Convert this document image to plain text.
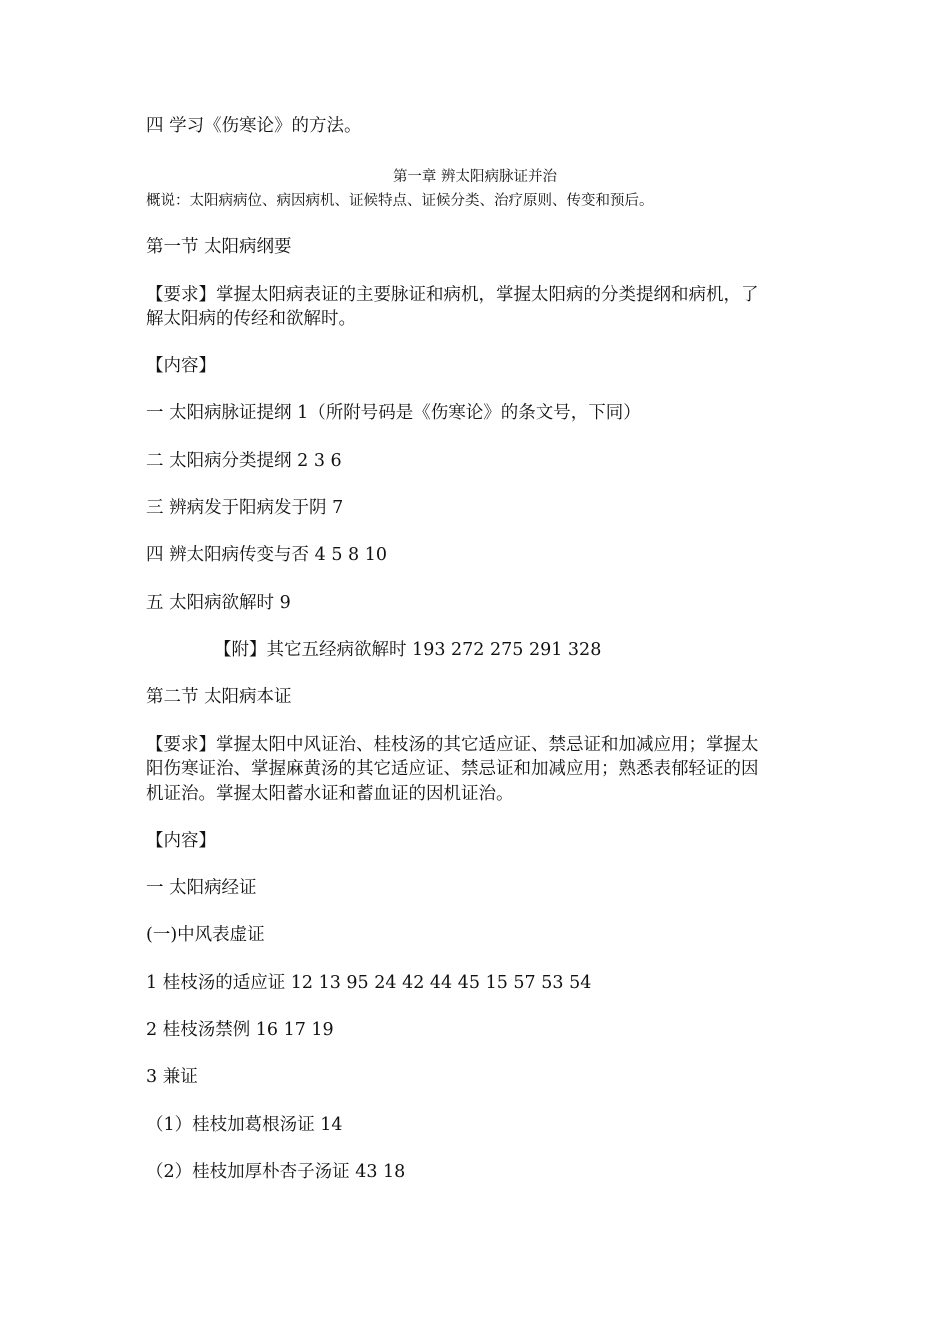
四 学习《伤寒论》的方法。
第一章 辨太阳病脉证并治
概说：太阳病病位、病因病机、证候特点、证候分类、治疗原则、传变和预后。
第一节 太阳病纲要
【要求】掌握太阳病表证的主要脉证和病机，掌握太阳病的分类提纲和病机，了
解太阳病的传经和欲解时。
【内容】
一 太阳病脉证提纲 1（所附号码是《伤寒论》的条文号，下同）
二 太阳病分类提纲 2 3 6
三 辨病发于阳病发于阴 7
四 辨太阳病传变与否 4 5 8 10
五 太阳病欲解时 9
【附】其它五经病欲解时 193 272 275 291 328
第二节 太阳病本证
【要求】掌握太阳中风证治、桂枝汤的其它适应证、禁忌证和加减应用；掌握太
阳伤寒证治、掌握麻黄汤的其它适应证、禁忌证和加减应用；熟悉表郁轻证的因
机证治。掌握太阳蓄水证和蓄血证的因机证治。
【内容】
一 太阳病经证
(一)中风表虚证
1 桂枝汤的适应证 12 13 95 24 42 44 45 15 57 53 54
2 桂枝汤禁例 16 17 19
3 兼证
（1）桂枝加葛根汤证 14
（2）桂枝加厚朴杏子汤证 43 18
